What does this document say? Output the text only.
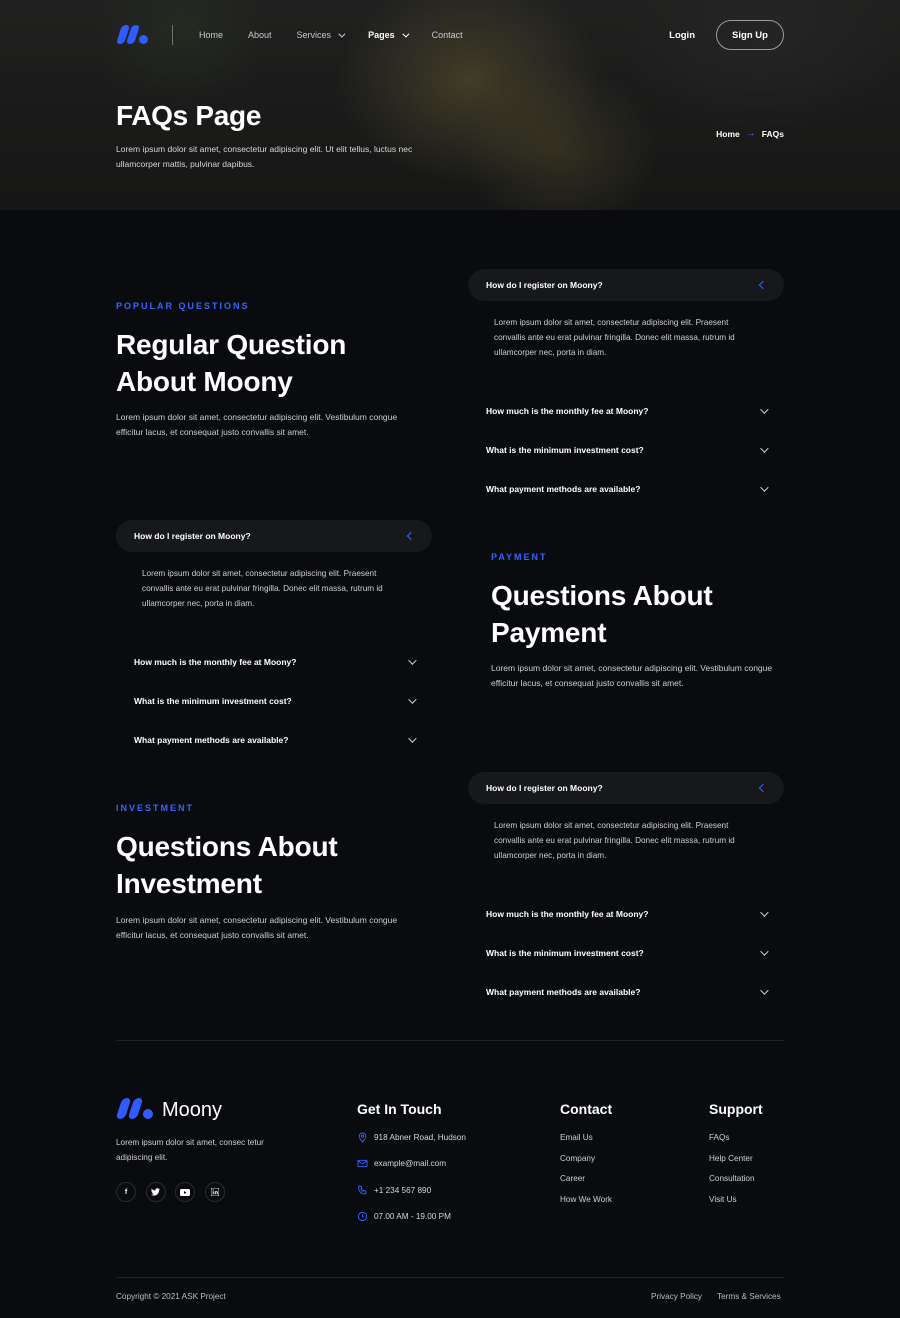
Home	About	Services	Pages	Contact	Login	Sign Up
FAQs Page
Lorem ipsum dolor sit amet, consectetur adipiscing elit. Ut elit tellus, luctus nec ullamcorper mattis, pulvinar dapibus.
Home → FAQs
POPULAR QUESTIONS
Regular Question About Moony
Lorem ipsum dolor sit amet, consectetur adipiscing elit. Vestibulum congue efficitur lacus, et consequat justo convallis sit amet.
How do I register on Moony?
Lorem ipsum dolor sit amet, consectetur adipiscing elit. Praesent convallis ante eu erat pulvinar fringilla. Donec elit massa, rutrum id ullamcorper nec, porta in diam.
How much is the monthly fee at Moony?
What is the minimum investment cost?
What payment methods are available?
How do I register on Moony?
Lorem ipsum dolor sit amet, consectetur adipiscing elit. Praesent convallis ante eu erat pulvinar fringilla. Donec elit massa, rutrum id ullamcorper nec, porta in diam.
How much is the monthly fee at Moony?
What is the minimum investment cost?
What payment methods are available?
PAYMENT
Questions About Payment
Lorem ipsum dolor sit amet, consectetur adipiscing elit. Vestibulum congue efficitur lacus, et consequat justo convallis sit amet.
INVESTMENT
Questions About Investment
Lorem ipsum dolor sit amet, consectetur adipiscing elit. Vestibulum congue efficitur lacus, et consequat justo convallis sit amet.
How do I register on Moony?
Lorem ipsum dolor sit amet, consectetur adipiscing elit. Praesent convallis ante eu erat pulvinar fringilla. Donec elit massa, rutrum id ullamcorper nec, porta in diam.
How much is the monthly fee at Moony?
What is the minimum investment cost?
What payment methods are available?
Moony
Lorem ipsum dolor sit amet, consec tetur adipiscing elit.
f
Get In Touch
918 Abner Road, Hudson
example@mail.com
+1 234 567 890
07.00 AM - 19.00 PM
Contact
Email Us
Company
Career
How We Work
Support
FAQs
Help Center
Consultation
Visit Us
Copyright © 2021 ASK Project	Privacy Policy Terms & Services
